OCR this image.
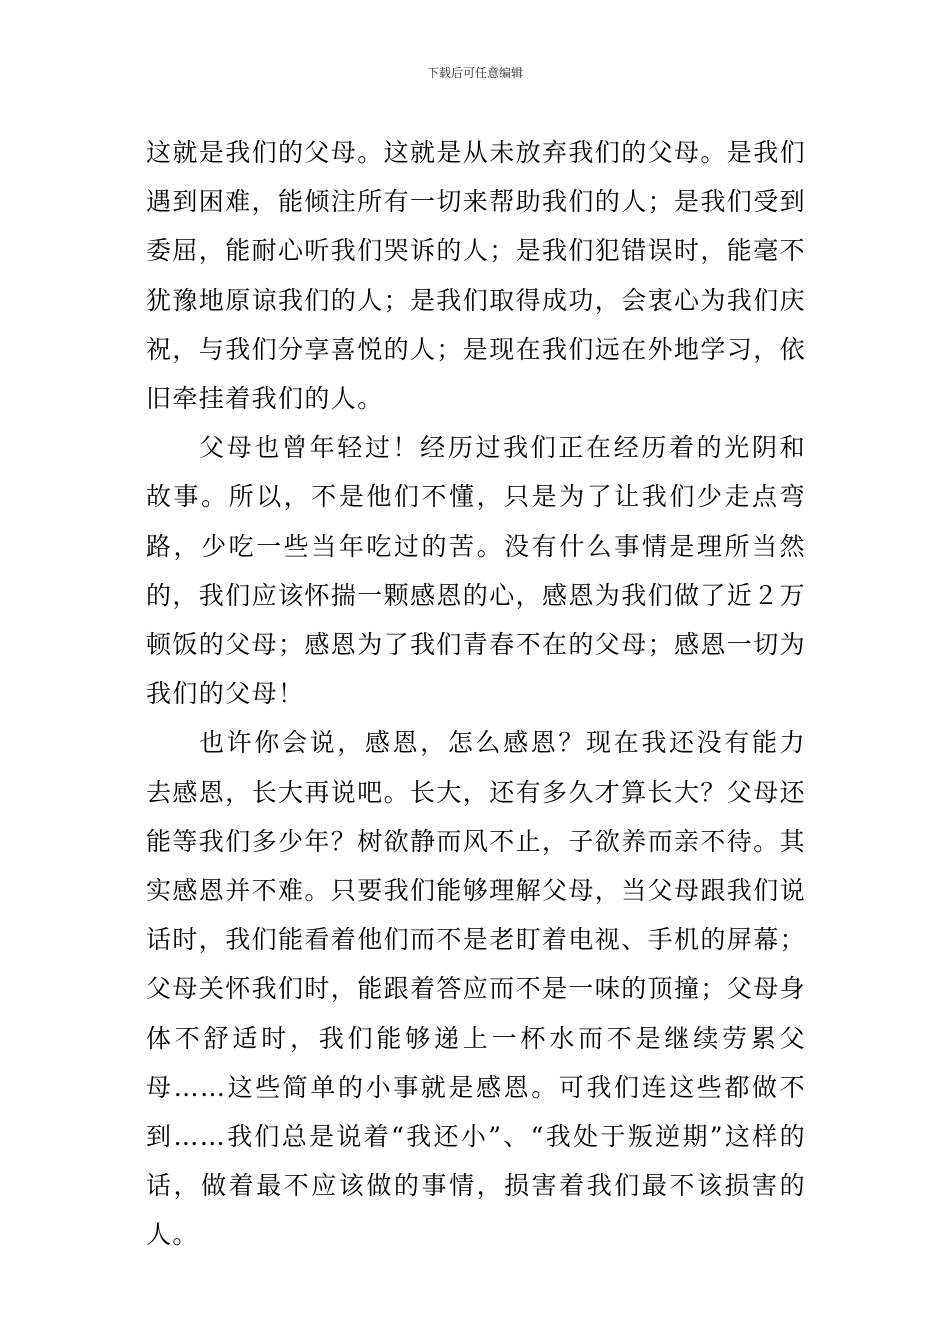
下载后可任意编辑

这就是我们的父母。这就是从未放弃我们的父母。是我们遇到困难，能倾注所有一切来帮助我们的人；是我们受到委屈，能耐心听我们哭诉的人；是我们犯错误时，能毫不犹豫地原谅我们的人；是我们取得成功，会衷心为我们庆祝，与我们分享喜悦的人；是现在我们远在外地学习，依旧牵挂着我们的人。

父母也曾年轻过！经历过我们正在经历着的光阴和故事。所以，不是他们不懂，只是为了让我们少走点弯路，少吃一些当年吃过的苦。没有什么事情是理所当然的，我们应该怀揣一颗感恩的心，感恩为我们做了近２万顿饭的父母；感恩为了我们青春不在的父母；感恩一切为我们的父母！

也许你会说，感恩，怎么感恩？现在我还没有能力去感恩，长大再说吧。长大，还有多久才算长大？父母还能等我们多少年？树欲静而风不止，子欲养而亲不待。其实感恩并不难。只要我们能够理解父母，当父母跟我们说话时，我们能看着他们而不是老盯着电视、手机的屏幕；父母关怀我们时，能跟着答应而不是一味的顶撞；父母身体不舒适时，我们能够递上一杯水而不是继续劳累父母……这些简单的小事就是感恩。可我们连这些都做不到……我们总是说着“我还小”、“我处于叛逆期”这样的话，做着最不应该做的事情，损害着我们最不该损害的人。
